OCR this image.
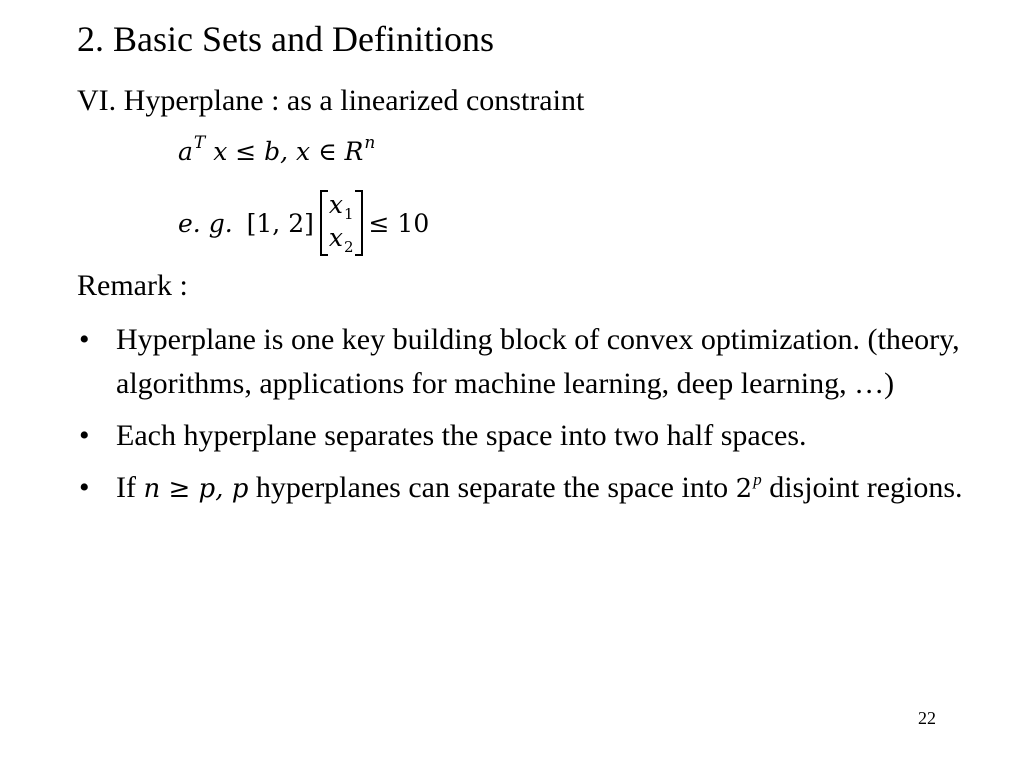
2. Basic Sets and Definitions
VI. Hyperplane : as a linearized constraint
$a^T$ x ≤ b, x ∈ $R^n$
e. g. [1, 2]
$x_1$
$x_2$
≤ 10
Remark :
• Hyperplane is one key building block of convex optimization. (theory, algorithms, applications for machine learning, deep learning, …)
• Each hyperplane separates the space into two half spaces.
• If n ≥ p, p hyperplanes can separate the space into 2$^p$ disjoint regions.
22
